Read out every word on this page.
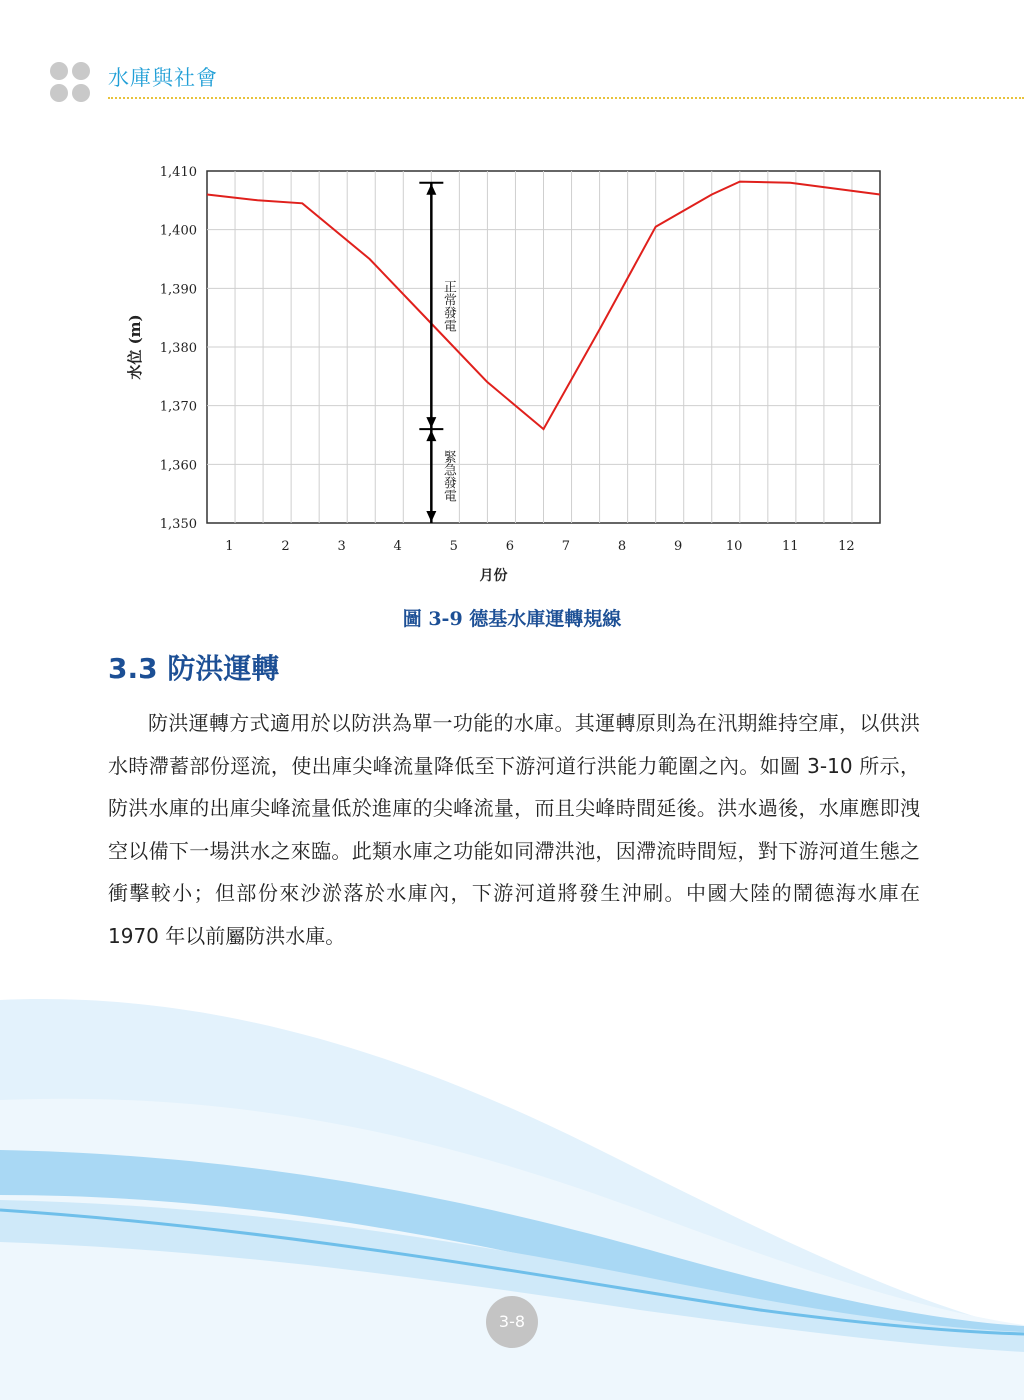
水庫與社會
1,410
1,400
1,390
1,380
1,370
1,360
1,350
1	2	3	4	5	6	7	8	9	10	11	12
月份
水位 (m)
正常發電
緊急發電
圖 3-9 德基水庫運轉規線
3.3 防洪運轉
防洪運轉方式適用於以防洪為單一功能的水庫。其運轉原則為在汛期維持空庫，以供洪水時滯蓄部份逕流，使出庫尖峰流量降低至下游河道行洪能力範圍之內。如圖 3-10 所示，防洪水庫的出庫尖峰流量低於進庫的尖峰流量，而且尖峰時間延後。洪水過後，水庫應即洩空以備下一場洪水之來臨。此類水庫之功能如同滯洪池，因滯流時間短，對下游河道生態之衝擊較小；但部份來沙淤落於水庫內，下游河道將發生沖刷。中國大陸的鬧德海水庫在 1970 年以前屬防洪水庫。
3-8
